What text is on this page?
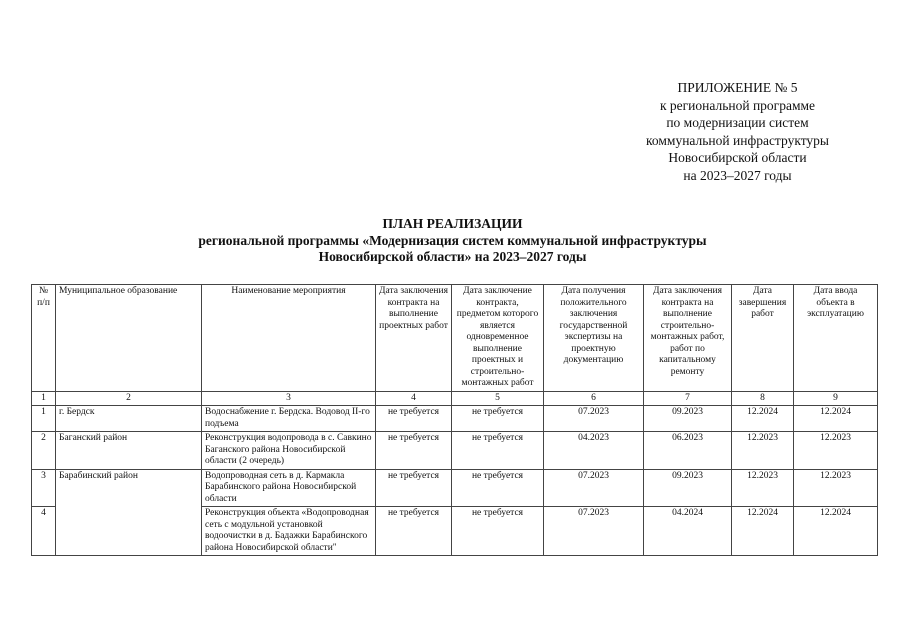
ПРИЛОЖЕНИЕ № 5
к региональной программе
по модернизации систем
коммунальной инфраструктуры
Новосибирской области
на 2023–2027 годы
ПЛАН РЕАЛИЗАЦИИ
региональной программы «Модернизация систем коммунальной инфраструктуры
Новосибирской области» на 2023–2027 годы
№ п/п	Муниципальное образование	Наименование мероприятия	Дата заключения контракта на выполнение проектных работ	Дата заключение контракта, предметом которого является одновременное выполнение проектных и строительно-монтажных работ	Дата получения положительного заключения государственной экспертизы на проектную документацию	Дата заключения контракта на выполнение строительно-монтажных работ, работ по капитальному ремонту	Дата завершения работ	Дата ввода объекта в эксплуатацию
1	2	3	4	5	6	7	8	9
1	г. Бердск	Водоснабжение г. Бердска. Водовод II-го подъема	не требуется	не требуется	07.2023	09.2023	12.2024	12.2024
2	Баганский район	Реконструкция водопровода в с. Савкино Баганского района Новосибирской области (2 очередь)	не требуется	не требуется	04.2023	06.2023	12.2023	12.2023
3	Барабинский район	Водопроводная сеть в д. Кармакла Барабинского района Новосибирской области	не требуется	не требуется	07.2023	09.2023	12.2023	12.2023
4		Реконструкция объекта «Водопроводная сеть с модульной установкой водоочистки в д. Бадажки Барабинского района Новосибирской области"	не требуется	не требуется	07.2023	04.2024	12.2024	12.2024
